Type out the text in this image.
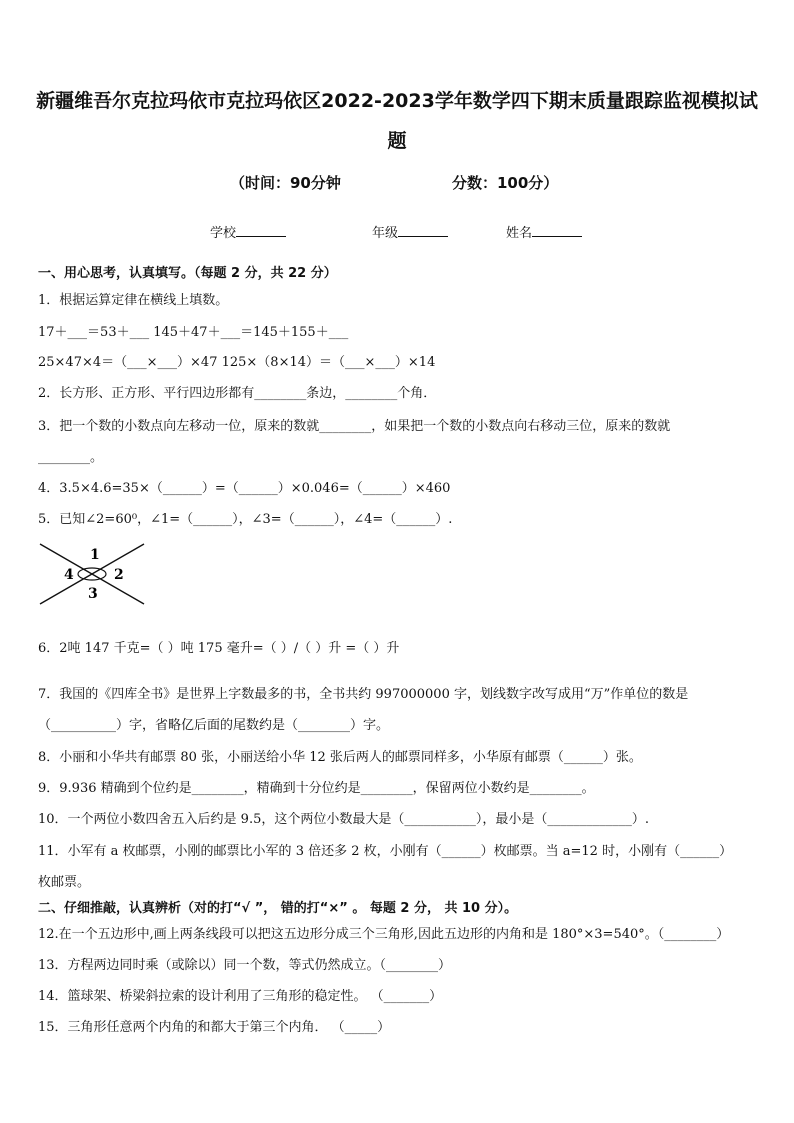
新疆维吾尔克拉玛依市克拉玛依区2022-2023学年数学四下期末质量跟踪监视模拟试
题
（时间：90分钟	分数：100分）
学校	年级	姓名
一、用心思考，认真填写。（每题 2 分，共 22 分）
1．根据运算定律在横线上填数。
17＋___＝53＋___ 145＋47＋___＝145＋155＋___
25×47×4＝（___×___）×47 125×（8×14）＝（___×___）×14
2．长方形、正方形、平行四边形都有________条边，________个角．
3．把一个数的小数点向左移动一位，原来的数就________，如果把一个数的小数点向右移动三位，原来的数就
________。
4．3.5×4.6=35×（______）=（______）×0.046=（______）×460
5．已知∠2=60⁰，∠1=（______），∠3=（______），∠4=（______）.
1
2
3
4
6．2吨 147 千克=（ ）吨 175 毫升=（ ）/（ ）升 =（ ）升
7．我国的《四库全书》是世界上字数最多的书，全书共约 997000000 字，划线数字改写成用“万”作单位的数是
（__________）字，省略亿后面的尾数约是（________）字。
8．小丽和小华共有邮票 80 张，小丽送给小华 12 张后两人的邮票同样多，小华原有邮票（______）张。
9．9.936 精确到个位约是________，精确到十分位约是________，保留两位小数约是________。
10．一个两位小数四舍五入后约是 9.5，这个两位小数最大是（___________），最小是（_____________）.
11．小军有 a 枚邮票，小刚的邮票比小军的 3 倍还多 2 枚，小刚有（______）枚邮票。当 a=12 时，小刚有（______）
枚邮票。
二、仔细推敲，认真辨析（对的打“√ ”， 错的打“×” 。 每题 2 分， 共 10 分）。
12.在一个五边形中,画上两条线段可以把这五边形分成三个三角形,因此五边形的内角和是 180°×3=540°。（________）
13．方程两边同时乘（或除以）同一个数，等式仍然成立。（________）
14．篮球架、桥梁斜拉索的设计利用了三角形的稳定性。 （_______）
15．三角形任意两个内角的和都大于第三个内角． （_____）
